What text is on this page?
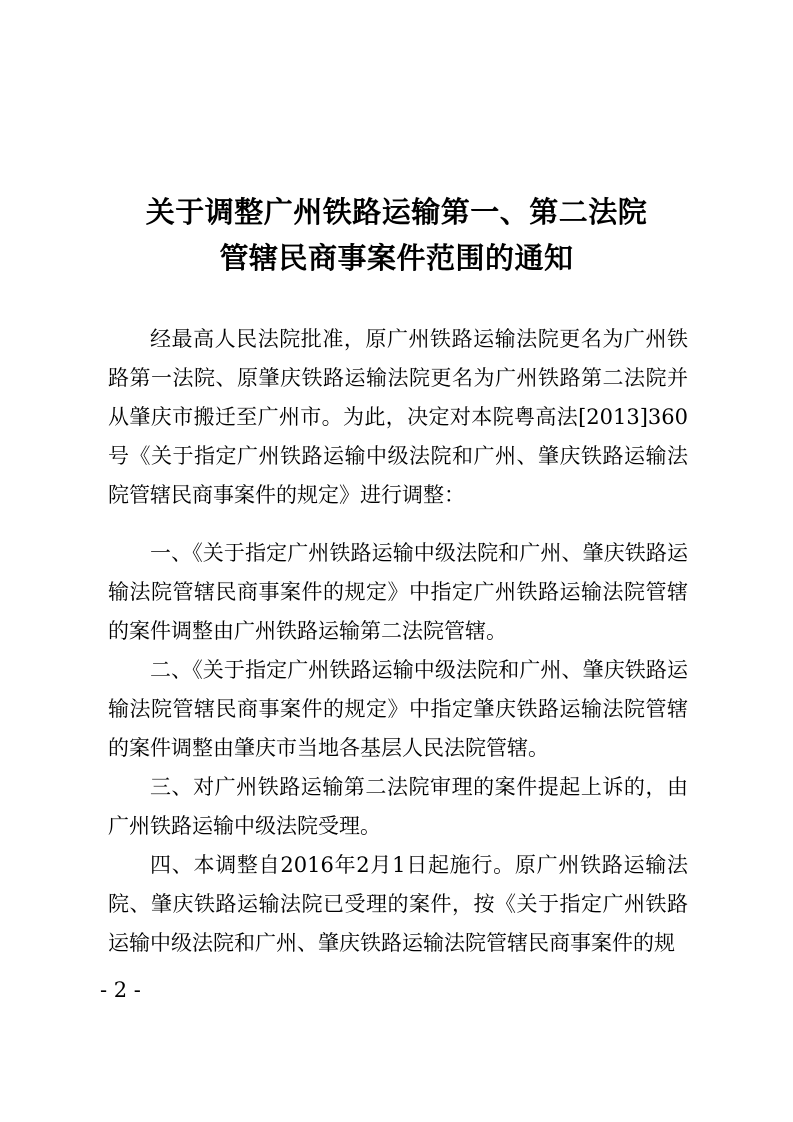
关于调整广州铁路运输第一、第二法院
管辖民商事案件范围的通知

经最高人民法院批准，原广州铁路运输法院更名为广州铁路第一法院、原肇庆铁路运输法院更名为广州铁路第二法院并从肇庆市搬迁至广州市。为此，决定对本院粤高法[2013]360号《关于指定广州铁路运输中级法院和广州、肇庆铁路运输法院管辖民商事案件的规定》进行调整：

一、《关于指定广州铁路运输中级法院和广州、肇庆铁路运输法院管辖民商事案件的规定》中指定广州铁路运输法院管辖的案件调整由广州铁路运输第二法院管辖。

二、《关于指定广州铁路运输中级法院和广州、肇庆铁路运输法院管辖民商事案件的规定》中指定肇庆铁路运输法院管辖的案件调整由肇庆市当地各基层人民法院管辖。

三、对广州铁路运输第二法院审理的案件提起上诉的，由广州铁路运输中级法院受理。

四、本调整自2016年2月1日起施行。原广州铁路运输法院、肇庆铁路运输法院已受理的案件，按《关于指定广州铁路运输中级法院和广州、肇庆铁路运输法院管辖民商事案件的规

- 2 -
